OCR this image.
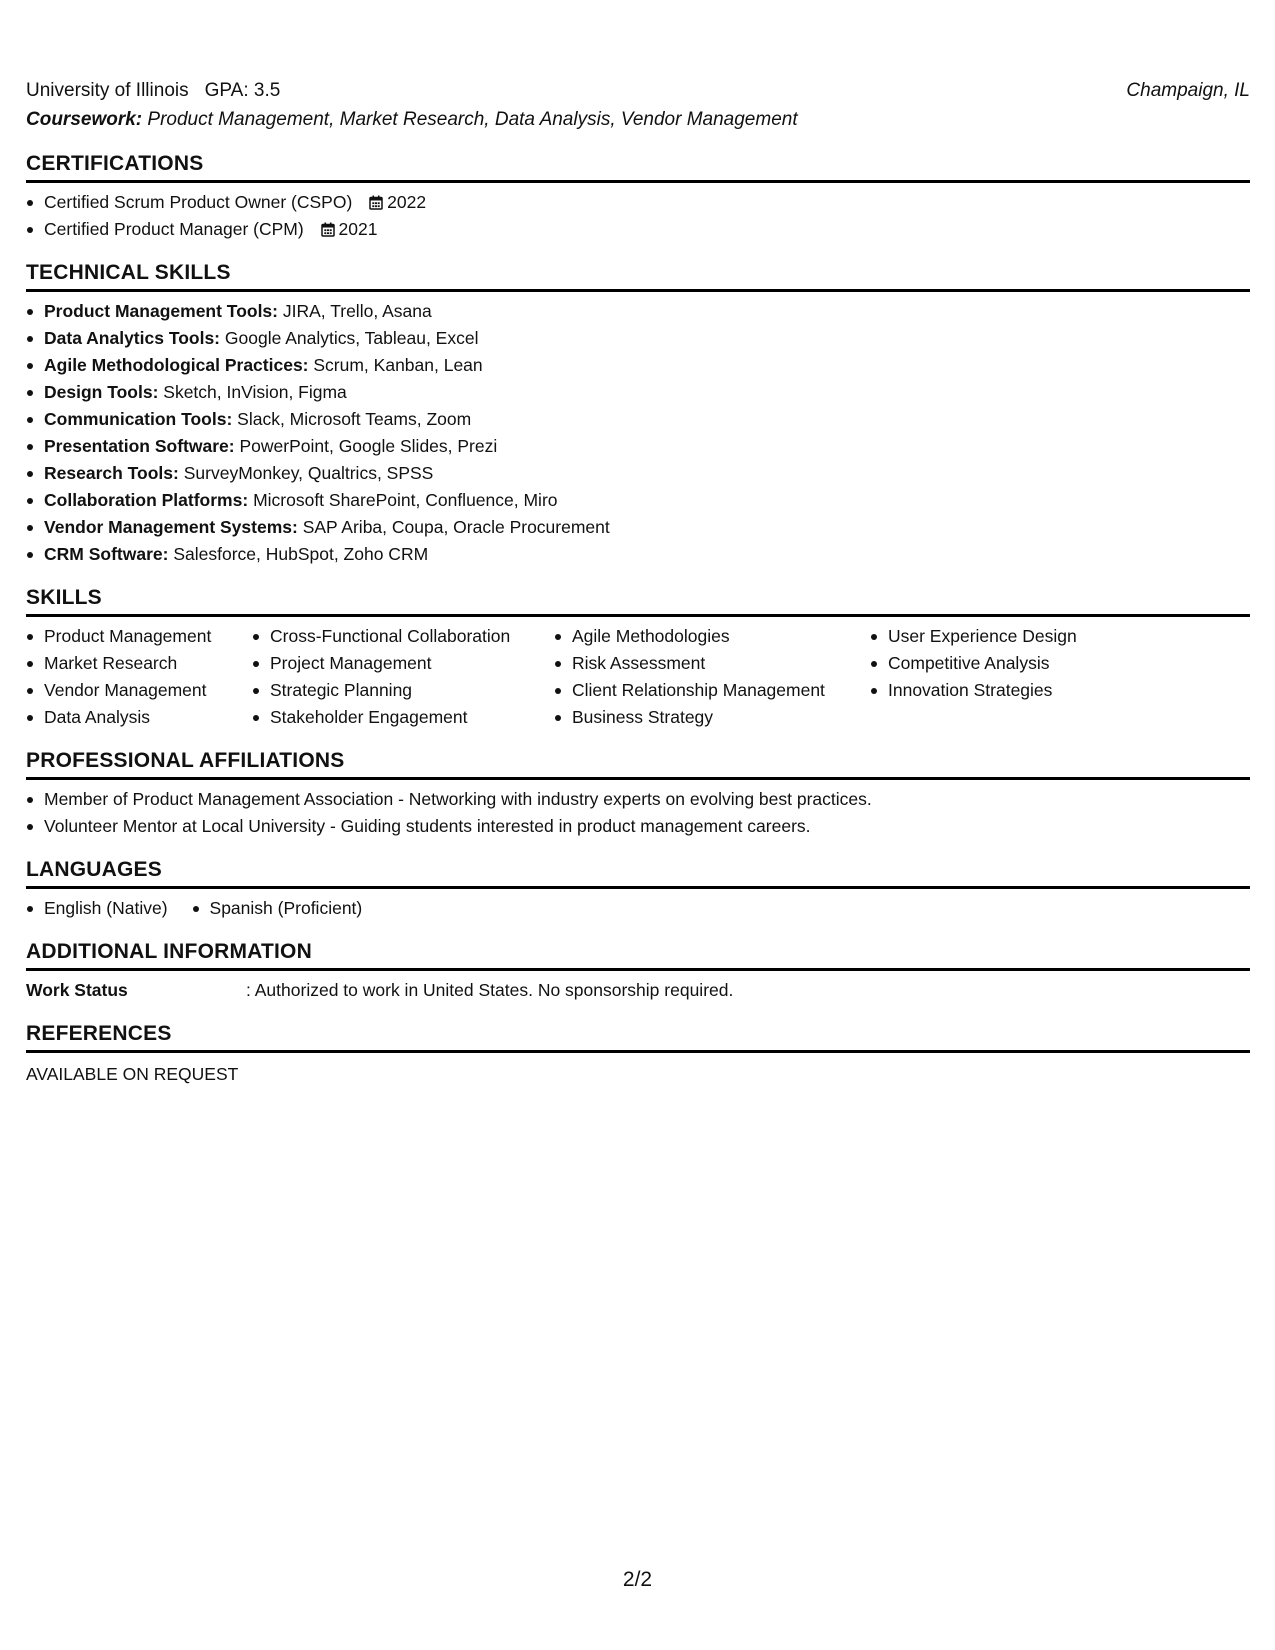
University of Illinois GPA: 3.5	Champaign, IL
Coursework: Product Management, Market Research, Data Analysis, Vendor Management
CERTIFICATIONS
Certified Scrum Product Owner (CSPO) 2022
Certified Product Manager (CPM) 2021
TECHNICAL SKILLS
Product Management Tools: JIRA, Trello, Asana
Data Analytics Tools: Google Analytics, Tableau, Excel
Agile Methodological Practices: Scrum, Kanban, Lean
Design Tools: Sketch, InVision, Figma
Communication Tools: Slack, Microsoft Teams, Zoom
Presentation Software: PowerPoint, Google Slides, Prezi
Research Tools: SurveyMonkey, Qualtrics, SPSS
Collaboration Platforms: Microsoft SharePoint, Confluence, Miro
Vendor Management Systems: SAP Ariba, Coupa, Oracle Procurement
CRM Software: Salesforce, HubSpot, Zoho CRM
SKILLS
Product Management
Market Research
Vendor Management
Data Analysis
Cross-Functional Collaboration
Project Management
Strategic Planning
Stakeholder Engagement
Agile Methodologies
Risk Assessment
Client Relationship Management
Business Strategy
User Experience Design
Competitive Analysis
Innovation Strategies
PROFESSIONAL AFFILIATIONS
Member of Product Management Association - Networking with industry experts on evolving best practices.
Volunteer Mentor at Local University - Guiding students interested in product management careers.
LANGUAGES
English (Native)	Spanish (Proficient)
ADDITIONAL INFORMATION
Work Status	: Authorized to work in United States. No sponsorship required.
REFERENCES
AVAILABLE ON REQUEST
2/2
